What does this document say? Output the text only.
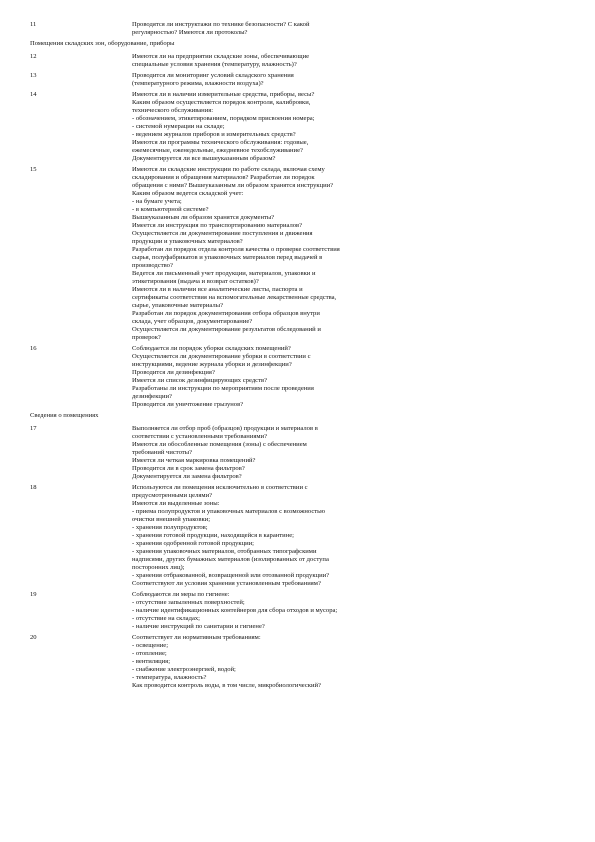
11	Проводятся ли инструктажи по технике безопасности? С какой
регулярностью? Имеются ли протоколы?
Помещения складских зон, оборудование, приборы
12	Имеются ли на предприятии складские зоны, обеспечивающие
специальные условия хранения (температуру, влажность)?
13	Проводится ли мониторинг условий складского хранения
(температурного режима, влажности воздуха)?
14	Имеются ли в наличии измерительные средства, приборы, весы?
Каким образом осуществляется порядок контроля, калибровки,
технического обслуживания:
- обозначением, этикетированием, порядком присвоения номера;
- системой нумерации на складе;
- ведением журналов приборов и измерительных средств?
Имеются ли программы технического обслуживания: годовые,
ежемесячные, еженедельные, ежедневное техобслуживание?
Документируется ли все вышеуказанным образом?
15	Имеются ли складские инструкции по работе склада, включая схему
складирования и обращения материалов? Разработан ли порядок
обращения с ними? Вышеуказанным ли образом хранятся инструкции?
Каким образом ведется складской учет:
- на бумаге учета;
- в компьютерной системе?
Вышеуказанным ли образом хранятся документы?
Имеется ли инструкция по транспортированию материалов?
Осуществляется ли документирование поступления и движения
продукции и упаковочных материалов?
Разработан ли порядок отдела контроля качества о проверке соответствия
сырья, полуфабрикатов и упаковочных материалов перед выдачей в
производство?
Ведется ли письменный учет продукции, материалов, упаковки и
этикетирования (выдача и возврат остатков)?
Имеются ли в наличии все аналитические листы, паспорта и
сертификаты соответствия на вспомогательные лекарственные средства,
сырье, упаковочные материалы?
Разработан ли порядок документирования отбора образцов внутри
склада, учет образцов, документирование?
Осуществляется ли документирование результатов обследований и
проверок?
16	Соблюдается ли порядок уборки складских помещений?
Осуществляется ли документирование уборки в соответствии с
инструкциями, ведение журнала уборки и дезинфекции?
Проводится ли дезинфекция?
Имеется ли список дезинфицирующих средств?
Разработаны ли инструкции по мероприятиям после проведения
дезинфекции?
Проводится ли уничтожение грызунов?
Сведения о помещениях
17	Выполняется ли отбор проб (образцов) продукции и материалов в
соответствии с установленными требованиями?
Имеются ли обособленные помещения (зоны) с обеспечением
требований чистоты?
Имеется ли четкая маркировка помещений?
Проводится ли в срок замена фильтров?
Документируется ли замена фильтров?
18	Используются ли помещения исключительно в соответствии с
предусмотренными целями?
Имеются ли выделенные зоны:
- приема полупродуктов и упаковочных материалов с возможностью
очистки внешней упаковки;
- хранения полупродуктов;
- хранения готовой продукции, находящейся в карантине;
- хранения одобренной готовой продукции;
- хранения упаковочных материалов, отобранных типографскими
надписями, других бумажных материалов (изолированных от доступа
посторонних лиц);
- хранения отбракованной, возвращенной или отозванной продукции?
Соответствуют ли условия хранения установленным требованиям?
19	Соблюдаются ли меры по гигиене:
- отсутствие запыленных поверхностей;
- наличие идентификационных контейнеров для сбора отходов и мусора;
- отсутствие на складах;
- наличие инструкций по санитарии и гигиене?
20	Соответствует ли нормативным требованиям:
- освещение;
- отопление;
- вентиляция;
- снабжение электроэнергией, водой;
- температура, влажность?
Как проводится контроль воды, в том числе, микробиологический?
